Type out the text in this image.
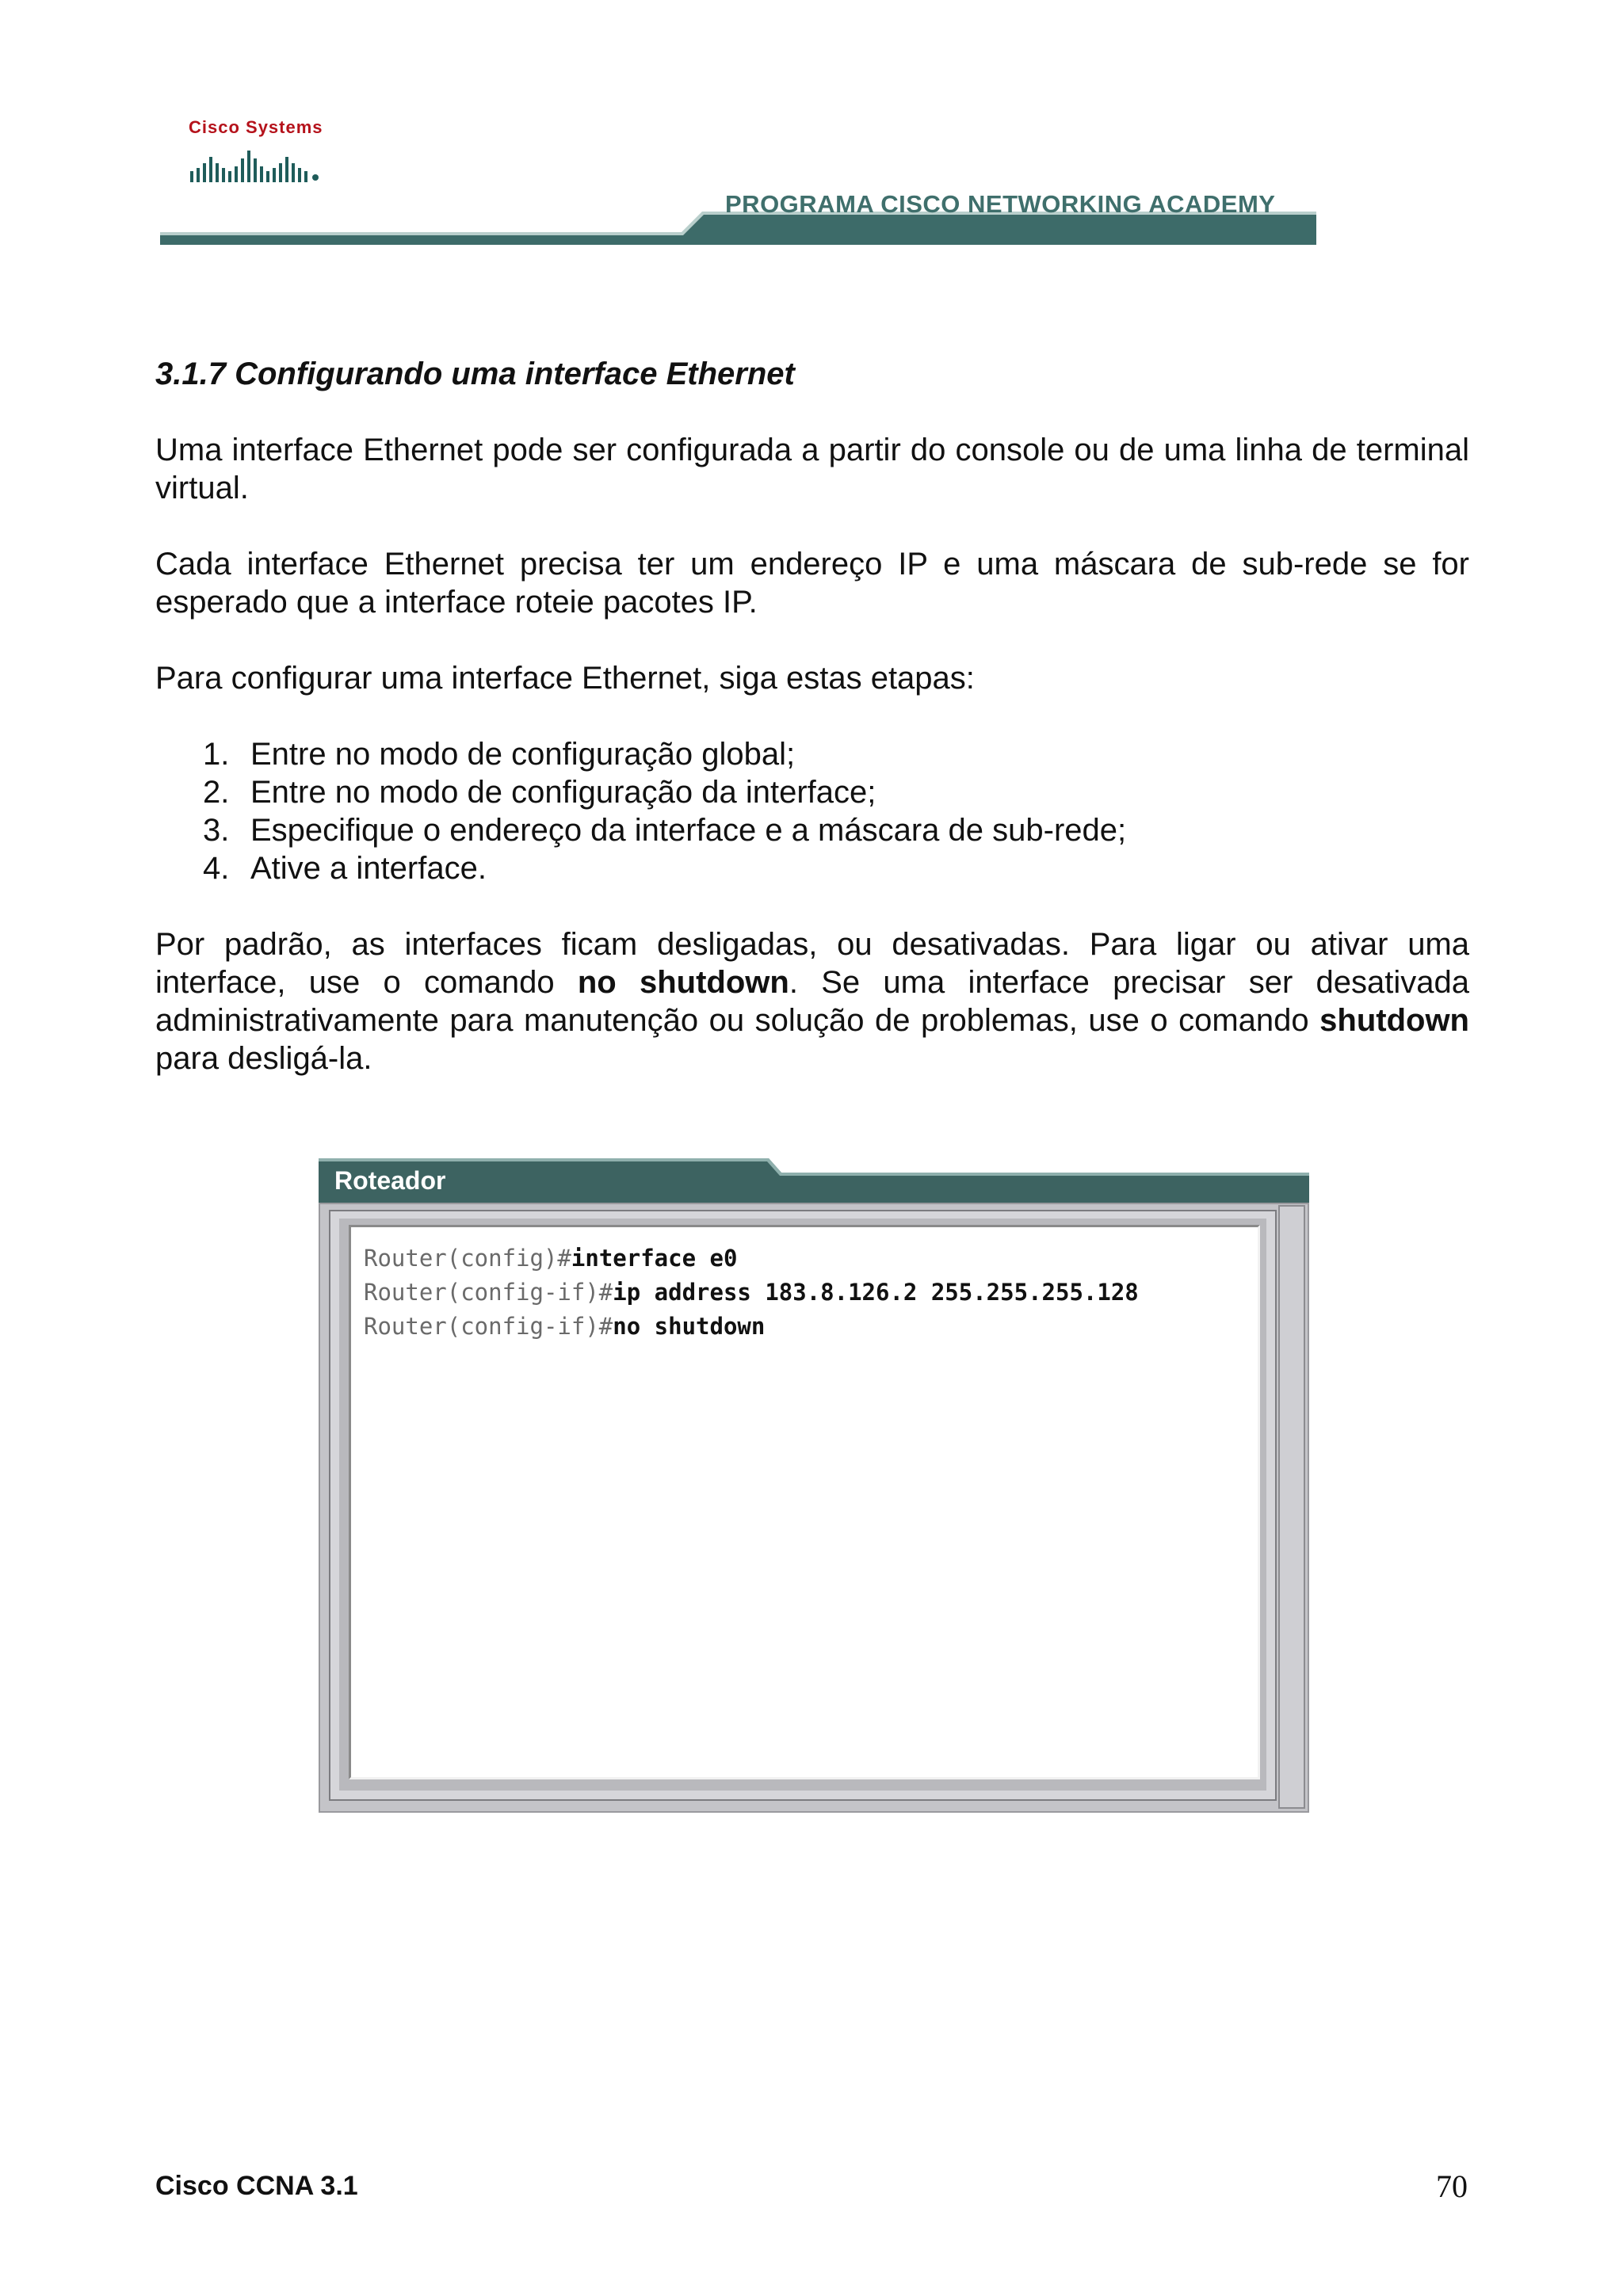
Cisco Systems
PROGRAMA CISCO NETWORKING ACADEMY
3.1.7 Configurando uma interface Ethernet

Uma interface Ethernet pode ser configurada a partir do console ou de uma linha de terminal virtual.

Cada interface Ethernet precisa ter um endereço IP e uma máscara de sub-rede se for esperado que a interface roteie pacotes IP.

Para configurar uma interface Ethernet, siga estas etapas:

1. Entre no modo de configuração global;
2. Entre no modo de configuração da interface;
3. Especifique o endereço da interface e a máscara de sub-rede;
4. Ative a interface.

Por padrão, as interfaces ficam desligadas, ou desativadas. Para ligar ou ativar uma interface, use o comando no shutdown. Se uma interface precisar ser desativada administrativamente para manutenção ou solução de problemas, use o comando shutdown para desligá-la.

Roteador
Router(config)#interface e0
Router(config-if)#ip address 183.8.126.2 255.255.255.128
Router(config-if)#no shutdown
Cisco CCNA 3.1	70
